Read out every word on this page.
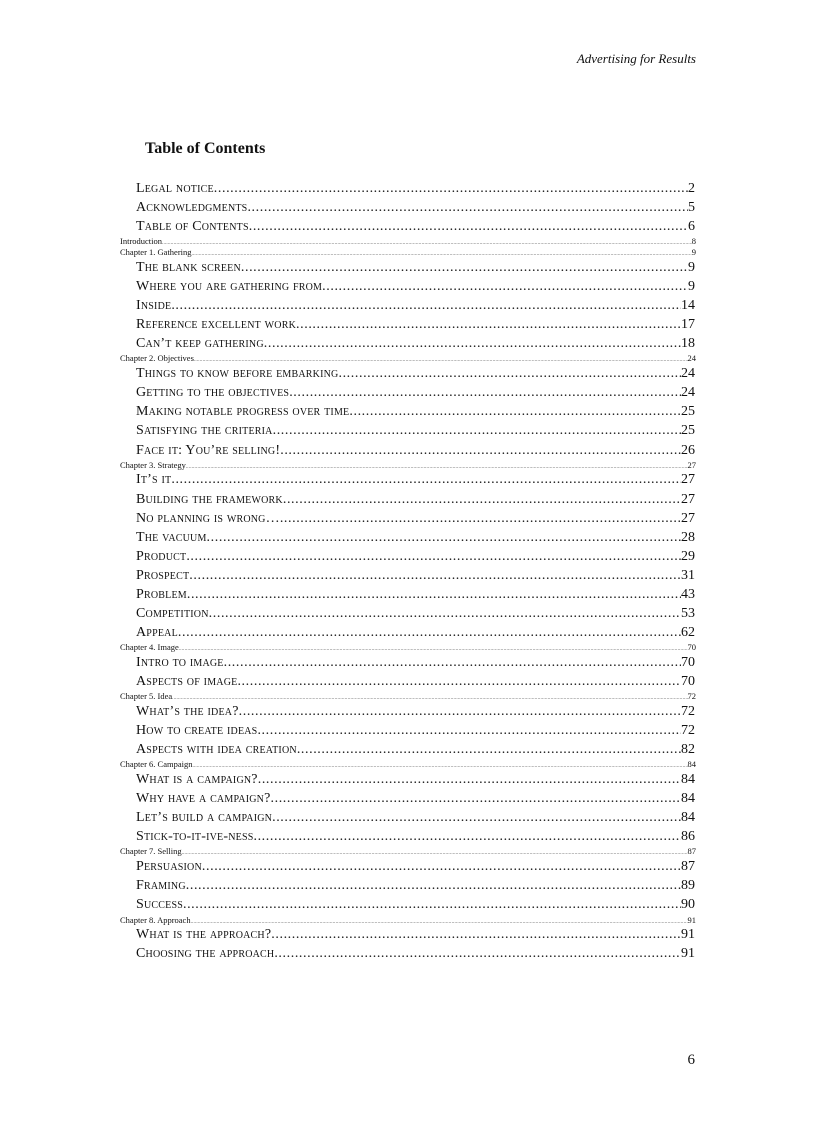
Advertising for Results
Table of Contents
Legal notice .....	2
Acknowledgments .....	5
Table of Contents .....	6
Introduction .....	8
Chapter 1. Gathering .....	9
The blank screen .....	9
Where you are gathering from .....	9
Inside .....	14
Reference excellent work .....	17
Can’t keep gathering .....	18
Chapter 2. Objectives .....	24
Things to know before embarking .....	24
Getting to the objectives .....	24
Making notable progress over time .....	25
Satisfying the criteria .....	25
Face it: You’re selling! .....	26
Chapter 3. Strategy .....	27
It’s it .....	27
Building the framework .....	27
No planning is wrong… .....	27
The vacuum .....	28
Product .....	29
Prospect .....	31
Problem .....	43
Competition .....	53
Appeal .....	62
Chapter 4. Image .....	70
Intro to image .....	70
Aspects of image .....	70
Chapter 5. Idea .....	72
What’s the idea? .....	72
How to create ideas .....	72
Aspects with idea creation .....	82
Chapter 6. Campaign .....	84
What is a campaign? .....	84
Why have a campaign? .....	84
Let’s build a campaign .....	84
Stick-to-it-ive-ness .....	86
Chapter 7. Selling .....	87
Persuasion .....	87
Framing .....	89
Success .....	90
Chapter 8. Approach .....	91
What is the approach? .....	91
Choosing the approach .....	91
6
